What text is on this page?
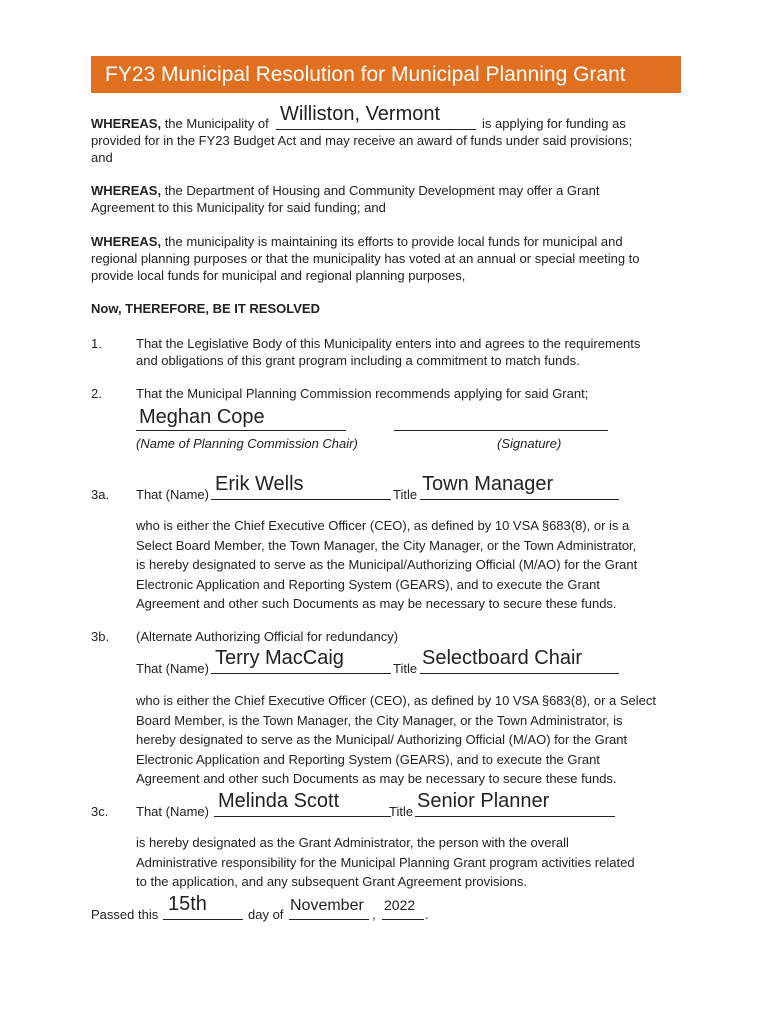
FY23 Municipal Resolution for Municipal Planning Grant
WHEREAS, the Municipality of Williston, Vermont	is applying for funding as
provided for in the FY23 Budget Act and may receive an award of funds under said provisions;
and
WHEREAS, the Department of Housing and Community Development may offer a Grant
Agreement to this Municipality for said funding; and
WHEREAS, the municipality is maintaining its efforts to provide local funds for municipal and
regional planning purposes or that the municipality has voted at an annual or special meeting to
provide local funds for municipal and regional planning purposes,
Now, THEREFORE, BE IT RESOLVED
1.	That the Legislative Body of this Municipality enters into and agrees to the requirements
and obligations of this grant program including a commitment to match funds.
2.	That the Municipal Planning Commission recommends applying for said Grant;
Meghan Cope
(Name of Planning Commission Chair)	(Signature)
3a. That (Name) Erik Wells	Title Town Manager
who is either the Chief Executive Officer (CEO), as defined by 10 VSA §683(8), or is a
Select Board Member, the Town Manager, the City Manager, or the Town Administrator,
is hereby designated to serve as the Municipal/Authorizing Official (M/AO) for the Grant
Electronic Application and Reporting System (GEARS), and to execute the Grant
Agreement and other such Documents as may be necessary to secure these funds.
3b. (Alternate Authorizing Official for redundancy)
That (Name) Terry MacCaig	Title Selectboard Chair
who is either the Chief Executive Officer (CEO), as defined by 10 VSA §683(8), or a Select
Board Member, is the Town Manager, the City Manager, or the Town Administrator, is
hereby designated to serve as the Municipal/ Authorizing Official (M/AO) for the Grant
Electronic Application and Reporting System (GEARS), and to execute the Grant
Agreement and other such Documents as may be necessary to secure these funds.
3c. That (Name) Melinda Scott	Title Senior Planner
is hereby designated as the Grant Administrator, the person with the overall
Administrative responsibility for the Municipal Planning Grant program activities related
to the application, and any subsequent Grant Agreement provisions.
Passed this 15th	day of
November
,
2022
.
